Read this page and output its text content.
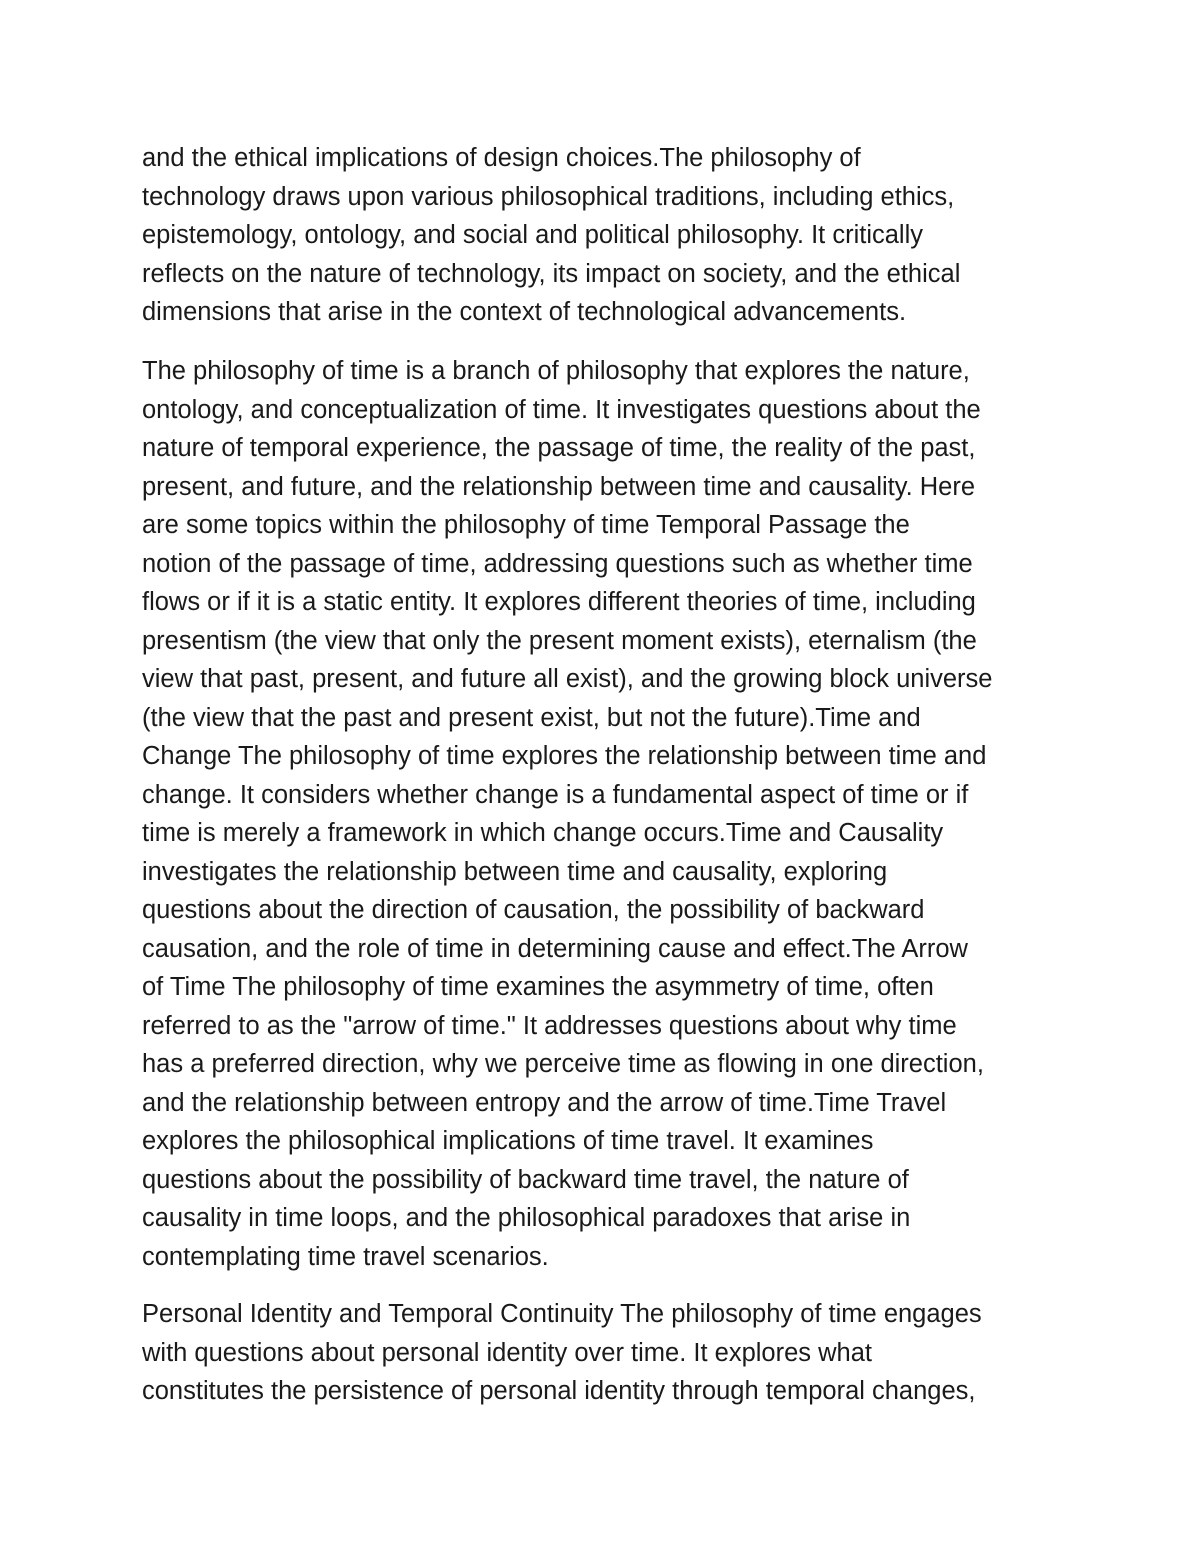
and the ethical implications of design choices.The philosophy of
technology draws upon various philosophical traditions, including ethics,
epistemology, ontology, and social and political philosophy. It critically
reflects on the nature of technology, its impact on society, and the ethical
dimensions that arise in the context of technological advancements.

The philosophy of time is a branch of philosophy that explores the nature,
ontology, and conceptualization of time. It investigates questions about the
nature of temporal experience, the passage of time, the reality of the past,
present, and future, and the relationship between time and causality. Here
are some topics within the philosophy of time Temporal Passage the
notion of the passage of time, addressing questions such as whether time
flows or if it is a static entity. It explores different theories of time, including
presentism (the view that only the present moment exists), eternalism (the
view that past, present, and future all exist), and the growing block universe
(the view that the past and present exist, but not the future).Time and
Change The philosophy of time explores the relationship between time and
change. It considers whether change is a fundamental aspect of time or if
time is merely a framework in which change occurs.Time and Causality
investigates the relationship between time and causality, exploring
questions about the direction of causation, the possibility of backward
causation, and the role of time in determining cause and effect.The Arrow
of Time The philosophy of time examines the asymmetry of time, often
referred to as the "arrow of time." It addresses questions about why time
has a preferred direction, why we perceive time as flowing in one direction,
and the relationship between entropy and the arrow of time.Time Travel
explores the philosophical implications of time travel. It examines
questions about the possibility of backward time travel, the nature of
causality in time loops, and the philosophical paradoxes that arise in
contemplating time travel scenarios.

Personal Identity and Temporal Continuity The philosophy of time engages
with questions about personal identity over time. It explores what
constitutes the persistence of personal identity through temporal changes,
